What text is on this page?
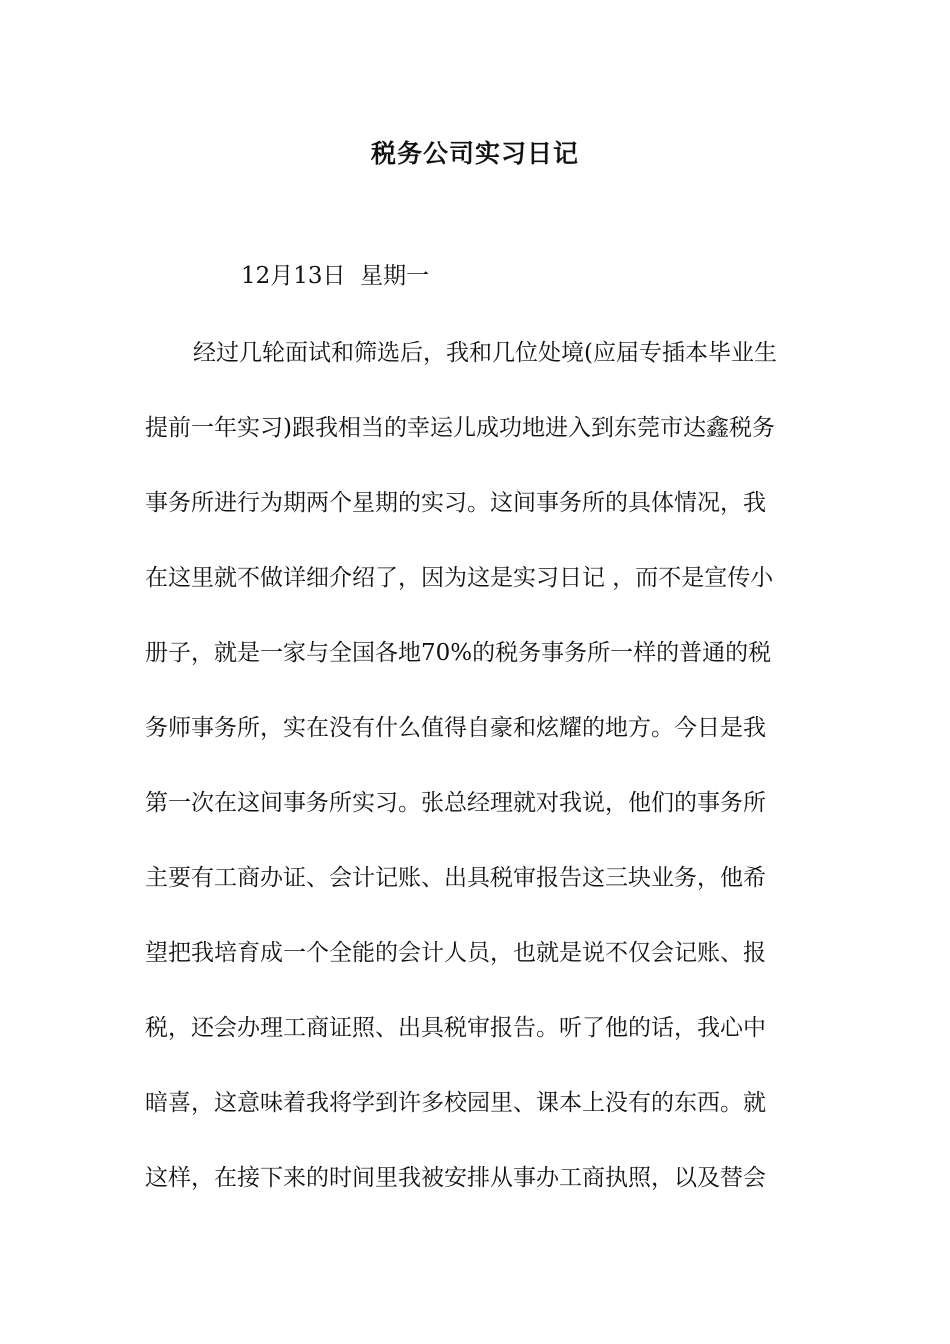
税务公司实习日记
12月13日  星期一
经过几轮面试和筛选后，我和几位处境(应届专插本毕业生
提前一年实习)跟我相当的幸运儿成功地进入到东莞市达鑫税务
事务所进行为期两个星期的实习。这间事务所的具体情况，我
在这里就不做详细介绍了，因为这是实习日记 ，而不是宣传小
册子，就是一家与全国各地70%的税务事务所一样的普通的税
务师事务所，实在没有什么值得自豪和炫耀的地方。今日是我
第一次在这间事务所实习。张总经理就对我说，他们的事务所
主要有工商办证、会计记账、出具税审报告这三块业务，他希
望把我培育成一个全能的会计人员，也就是说不仅会记账、报
税，还会办理工商证照、出具税审报告。听了他的话，我心中
暗喜，这意味着我将学到许多校园里、课本上没有的东西。就
这样，在接下来的时间里我被安排从事办工商执照，以及替会
